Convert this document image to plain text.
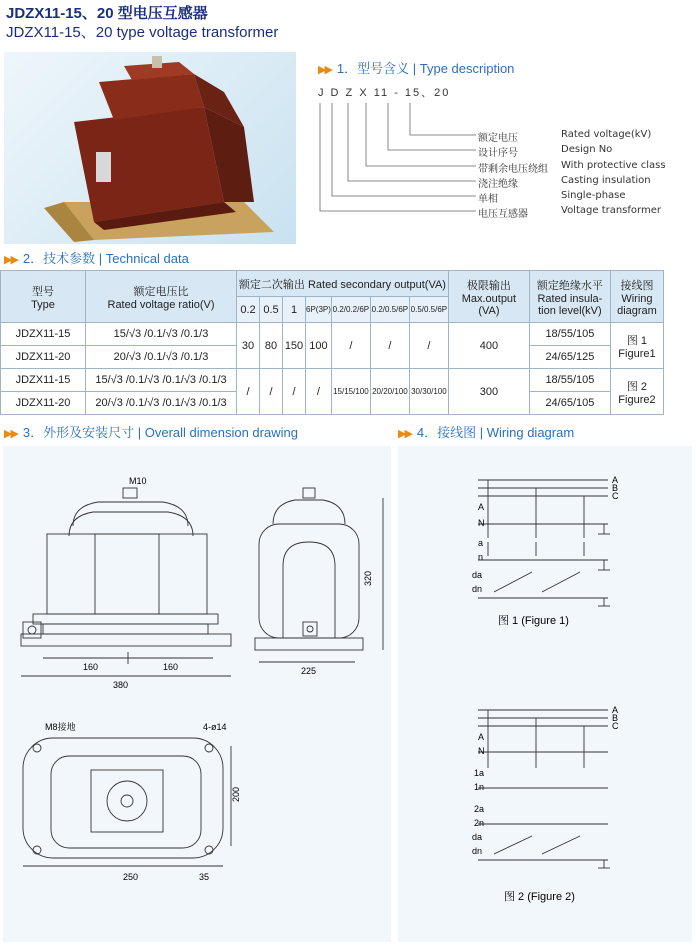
JDZX11-15、20 型电压互感器
JDZX11-15、20 type voltage transformer
▶▶ 1．型号含义 | Type description
J D Z X 11 - 15、20
额定电压	Rated voltage(kV)
设计序号	Design No
带剩余电压绕组 With protective class
浇注绝缘	Casting insulation
单相	Single-phase
电压互感器	Voltage transformer
▶▶ 2．技术参数 | Technical data
型号
Type	额定电压比
Rated voltage ratio(V)	额定二次输出 Rated secondary output(VA)							极限输出
Max.output
(VA)	额定绝缘水平
Rated insula-
tion level(kV)	接线图
Wiring
diagram
		0.2	0.5	1	6P(3P)	0.2/0.2/6P	0.2/0.5/6P	0.5/0.5/6P			
JDZX11-15	15/√3 /0.1/√3 /0.1/3	30	80	150	100	/	/	/	400	18/55/105	图 1
Figure1
JDZX11-20	20/√3 /0.1/√3 /0.1/3									24/65/125	
JDZX11-15	15/√3 /0.1/√3 /0.1/√3 /0.1/3	/	/	/	/	15/15/100	20/20/100	30/30/100	300	18/55/105	图 2
Figure2
JDZX11-20	20/√3 /0.1/√3 /0.1/√3 /0.1/3									24/65/105	
▶▶ 3．外形及安装尺寸 | Overall dimension drawing	▶▶ 4．接线图 | Wiring diagram
M10
160	160
380
225
320
M8接地	4-ø14
200
250	35
A
B
C
A
N
a
n
da
dn
图 1 (Figure 1)
A
B
C
A
N
1a
1n
2a
2n
da
dn
图 2 (Figure 2)
